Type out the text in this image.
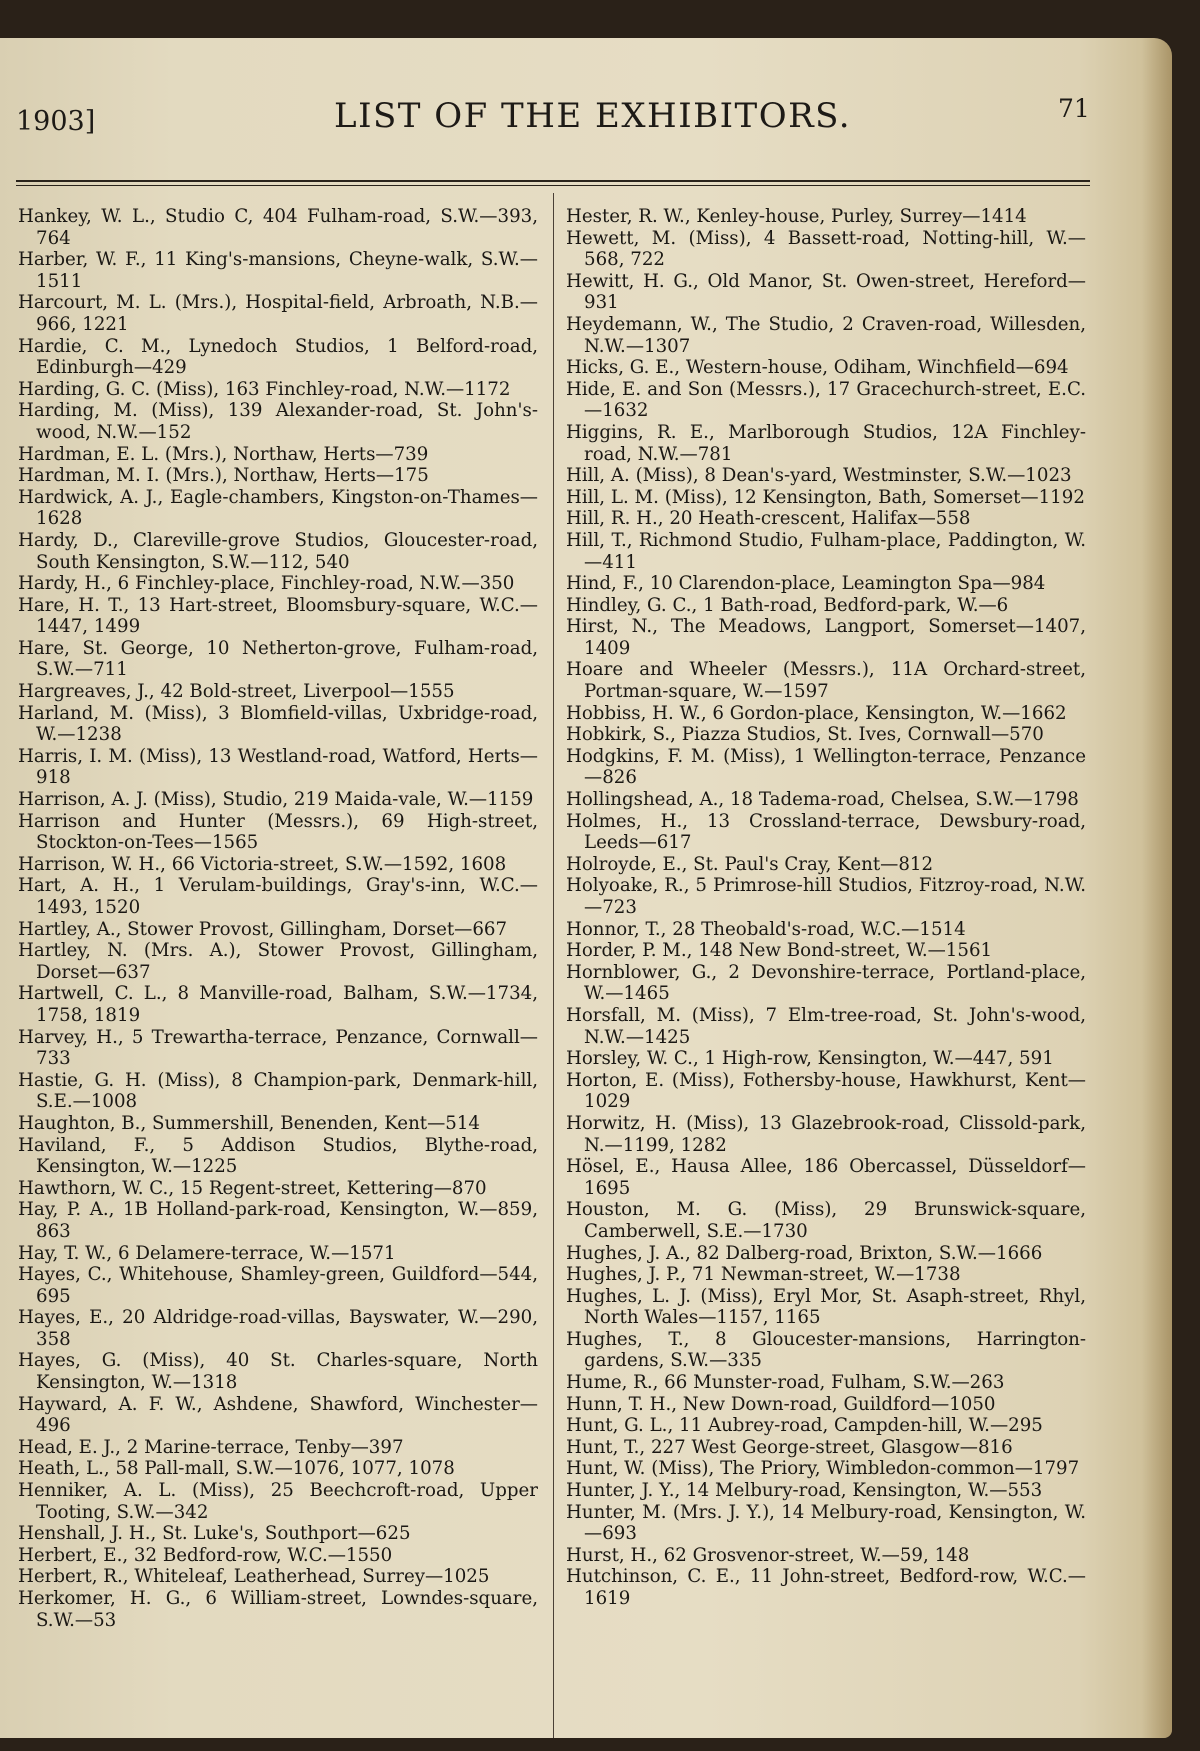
1903]	LIST OF THE EXHIBITORS.	71

Hankey, W. L., Studio C, 404 Fulham-road, S.W.—393, 764

Harber, W. F., 11 King's-mansions, Cheyne-walk, S.W.—1511

Harcourt, M. L. (Mrs.), Hospital-field, Arbroath, N.B.—966, 1221

Hardie, C. M., Lynedoch Studios, 1 Belford-road, Edinburgh—429

Harding, G. C. (Miss), 163 Finchley-road, N.W.—1172

Harding, M. (Miss), 139 Alexander-road, St. John's-wood, N.W.—152

Hardman, E. L. (Mrs.), Northaw, Herts—739

Hardman, M. I. (Mrs.), Northaw, Herts—175

Hardwick, A. J., Eagle-chambers, Kingston-on-Thames—1628

Hardy, D., Clareville-grove Studios, Gloucester-road, South Kensington, S.W.—112, 540

Hardy, H., 6 Finchley-place, Finchley-road, N.W.—350

Hare, H. T., 13 Hart-street, Bloomsbury-square, W.C.—1447, 1499

Hare, St. George, 10 Netherton-grove, Fulham-road, S.W.—711

Hargreaves, J., 42 Bold-street, Liverpool—1555

Harland, M. (Miss), 3 Blomfield-villas, Uxbridge-road, W.—1238

Harris, I. M. (Miss), 13 Westland-road, Watford, Herts—918

Harrison, A. J. (Miss), Studio, 219 Maida-vale, W.—1159

Harrison and Hunter (Messrs.), 69 High-street, Stockton-on-Tees—1565

Harrison, W. H., 66 Victoria-street, S.W.—1592, 1608

Hart, A. H., 1 Verulam-buildings, Gray's-inn, W.C.—1493, 1520

Hartley, A., Stower Provost, Gillingham, Dorset—667

Hartley, N. (Mrs. A.), Stower Provost, Gillingham, Dorset—637

Hartwell, C. L., 8 Manville-road, Balham, S.W.—1734, 1758, 1819

Harvey, H., 5 Trewartha-terrace, Penzance, Cornwall—733

Hastie, G. H. (Miss), 8 Champion-park, Denmark-hill, S.E.—1008

Haughton, B., Summershill, Benenden, Kent—514

Haviland, F., 5 Addison Studios, Blythe-road, Kensington, W.—1225

Hawthorn, W. C., 15 Regent-street, Kettering—870

Hay, P. A., 1B Holland-park-road, Kensington, W.—859, 863

Hay, T. W., 6 Delamere-terrace, W.—1571

Hayes, C., Whitehouse, Shamley-green, Guildford—544, 695

Hayes, E., 20 Aldridge-road-villas, Bayswater, W.—290, 358

Hayes, G. (Miss), 40 St. Charles-square, North Kensington, W.—1318

Hayward, A. F. W., Ashdene, Shawford, Winchester—496

Head, E. J., 2 Marine-terrace, Tenby—397

Heath, L., 58 Pall-mall, S.W.—1076, 1077, 1078

Henniker, A. L. (Miss), 25 Beechcroft-road, Upper Tooting, S.W.—342

Henshall, J. H., St. Luke's, Southport—625

Herbert, E., 32 Bedford-row, W.C.—1550

Herbert, R., Whiteleaf, Leatherhead, Surrey—1025

Herkomer, H. G., 6 William-street, Lowndes-square, S.W.—53

Hester, R. W., Kenley-house, Purley, Surrey—1414

Hewett, M. (Miss), 4 Bassett-road, Notting-hill, W.—568, 722

Hewitt, H. G., Old Manor, St. Owen-street, Hereford—931

Heydemann, W., The Studio, 2 Craven-road, Willesden, N.W.—1307

Hicks, G. E., Western-house, Odiham, Winchfield—694

Hide, E. and Son (Messrs.), 17 Gracechurch-street, E.C.—1632

Higgins, R. E., Marlborough Studios, 12A Finchley-road, N.W.—781

Hill, A. (Miss), 8 Dean's-yard, Westminster, S.W.—1023

Hill, L. M. (Miss), 12 Kensington, Bath, Somerset—1192

Hill, R. H., 20 Heath-crescent, Halifax—558

Hill, T., Richmond Studio, Fulham-place, Paddington, W.—411

Hind, F., 10 Clarendon-place, Leamington Spa—984

Hindley, G. C., 1 Bath-road, Bedford-park, W.—6

Hirst, N., The Meadows, Langport, Somerset—1407, 1409

Hoare and Wheeler (Messrs.), 11A Orchard-street, Portman-square, W.—1597

Hobbiss, H. W., 6 Gordon-place, Kensington, W.—1662

Hobkirk, S., Piazza Studios, St. Ives, Cornwall—570

Hodgkins, F. M. (Miss), 1 Wellington-terrace, Penzance—826

Hollingshead, A., 18 Tadema-road, Chelsea, S.W.—1798

Holmes, H., 13 Crossland-terrace, Dewsbury-road, Leeds—617

Holroyde, E., St. Paul's Cray, Kent—812

Holyoake, R., 5 Primrose-hill Studios, Fitzroy-road, N.W.—723

Honnor, T., 28 Theobald's-road, W.C.—1514

Horder, P. M., 148 New Bond-street, W.—1561

Hornblower, G., 2 Devonshire-terrace, Portland-place, W.—1465

Horsfall, M. (Miss), 7 Elm-tree-road, St. John's-wood, N.W.—1425

Horsley, W. C., 1 High-row, Kensington, W.—447, 591

Horton, E. (Miss), Fothersby-house, Hawkhurst, Kent—1029

Horwitz, H. (Miss), 13 Glazebrook-road, Clissold-park, N.—1199, 1282

Hösel, E., Hausa Allee, 186 Obercassel, Düsseldorf—1695

Houston, M. G. (Miss), 29 Brunswick-square, Camberwell, S.E.—1730

Hughes, J. A., 82 Dalberg-road, Brixton, S.W.—1666

Hughes, J. P., 71 Newman-street, W.—1738

Hughes, L. J. (Miss), Eryl Mor, St. Asaph-street, Rhyl, North Wales—1157, 1165

Hughes, T., 8 Gloucester-mansions, Harrington-gardens, S.W.—335

Hume, R., 66 Munster-road, Fulham, S.W.—263

Hunn, T. H., New Down-road, Guildford—1050

Hunt, G. L., 11 Aubrey-road, Campden-hill, W.—295

Hunt, T., 227 West George-street, Glasgow—816

Hunt, W. (Miss), The Priory, Wimbledon-common—1797

Hunter, J. Y., 14 Melbury-road, Kensington, W.—553

Hunter, M. (Mrs. J. Y.), 14 Melbury-road, Kensington, W.—693

Hurst, H., 62 Grosvenor-street, W.—59, 148

Hutchinson, C. E., 11 John-street, Bedford-row, W.C.—1619
